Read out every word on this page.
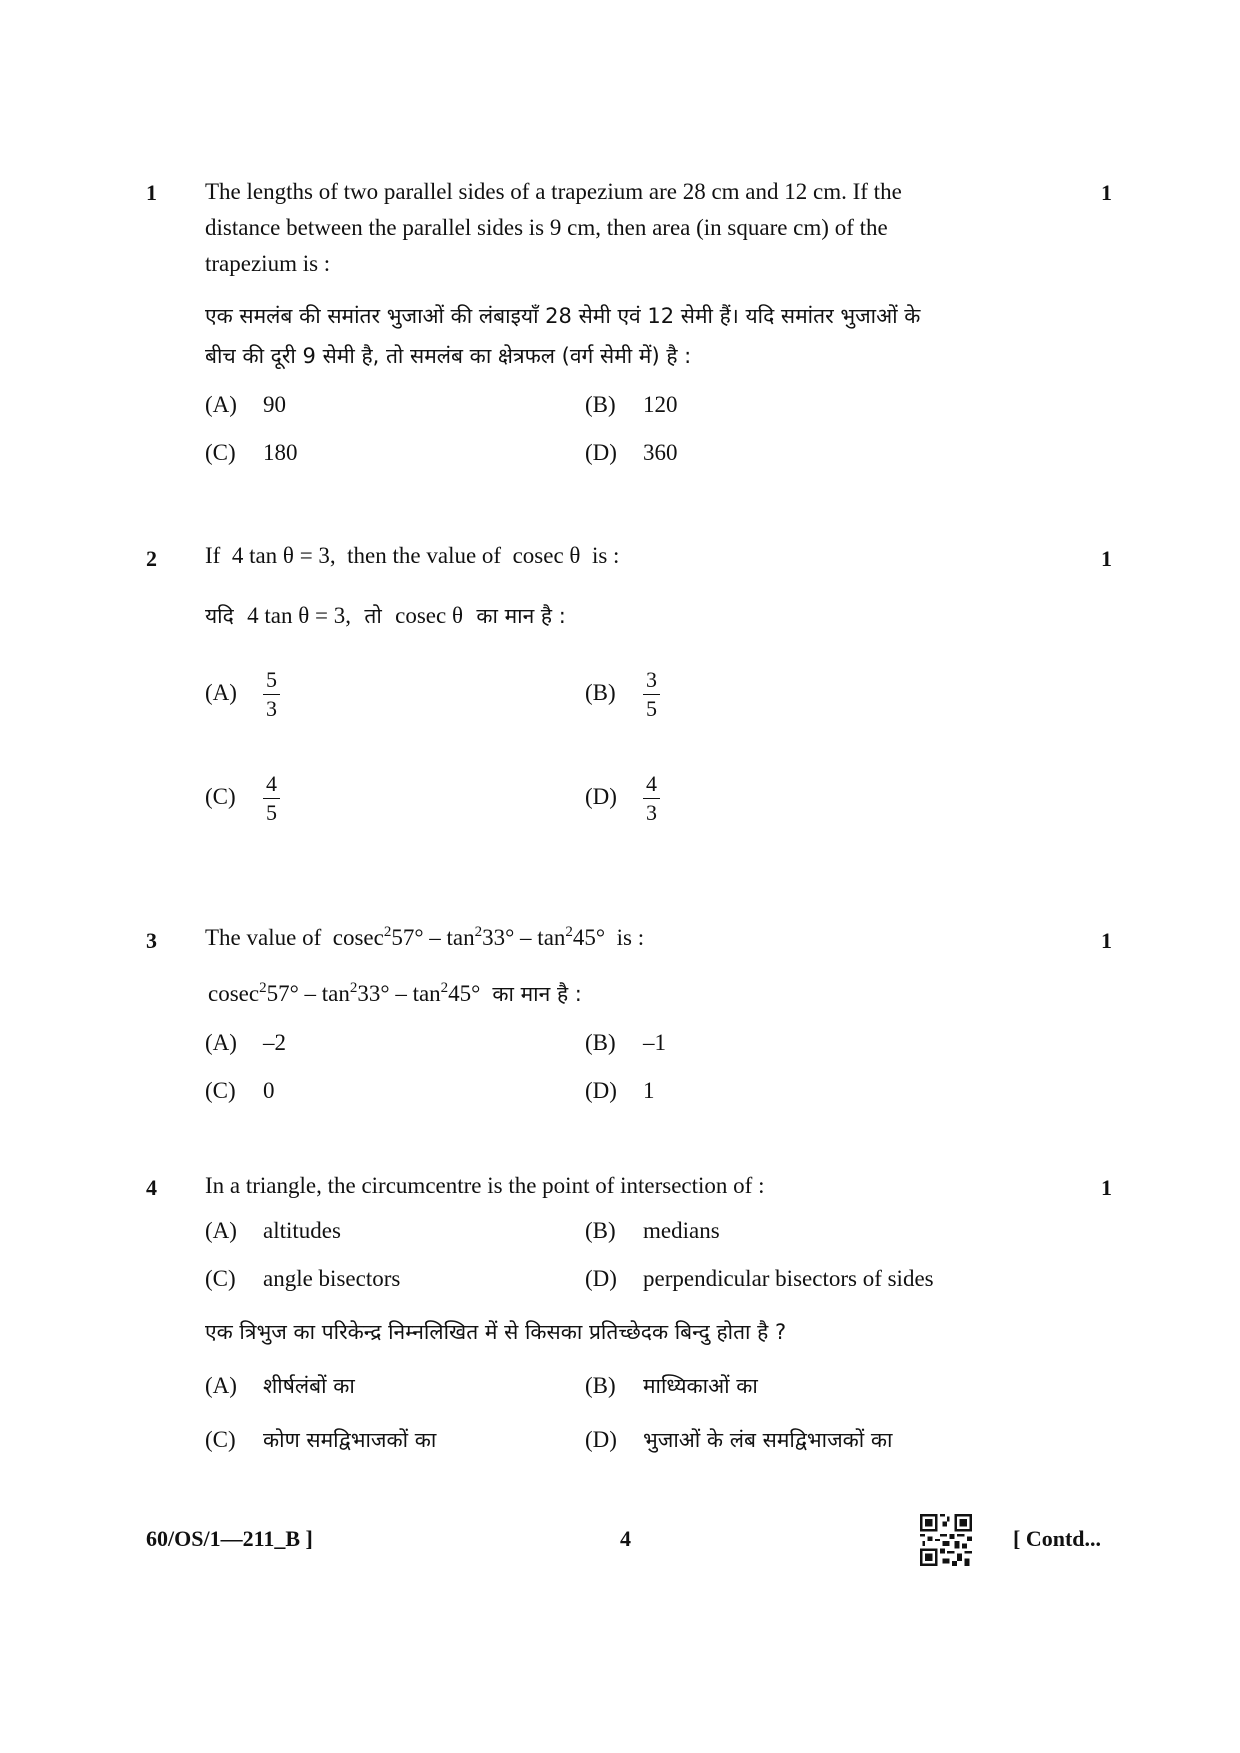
1	1
The lengths of two parallel sides of a trapezium are 28 cm and 12 cm. If the
distance between the parallel sides is 9 cm, then area (in square cm) of the
trapezium is :
एक समलंब की समांतर भुजाओं की लंबाइयाँ 28 सेमी एवं 12 सेमी हैं। यदि समांतर भुजाओं के
बीच की दूरी 9 सेमी है, तो समलंब का क्षेत्रफल (वर्ग सेमी में) है :
(A) 90	(B) 120
(C) 180	(D) 360
2	1
If 4 tan θ = 3, then the value of cosec θ is :
यदि 4 tan θ = 3, तो cosec θ का मान है :
$(A) \frac{5}{3}$	$(B) \frac{3}{5}$
$(C) \frac{4}{5}$	$(D) \frac{4}{3}$
3	1
The value of $cosec^257^\circ - \tan^233^\circ - \tan^245^\circ$ is :
$cosec^257^\circ - \tan^233^\circ - \tan^245^\circ$ का मान है :
(A) –2	(B) –1
(C) 0	(D) 1
4	1
In a triangle, the circumcentre is the point of intersection of :
(A) altitudes	(B) medians
(C) angle bisectors	(D) perpendicular bisectors of sides
एक त्रिभुज का परिकेन्द्र निम्नलिखित में से किसका प्रतिच्छेदक बिन्दु होता है ?
(A) शीर्षलंबों का	(B) माध्यिकाओं का
(C) कोण समद्विभाजकों का	(D) भुजाओं के लंब समद्विभाजकों का
60/OS/1—211_B ]	4	[ Contd...
